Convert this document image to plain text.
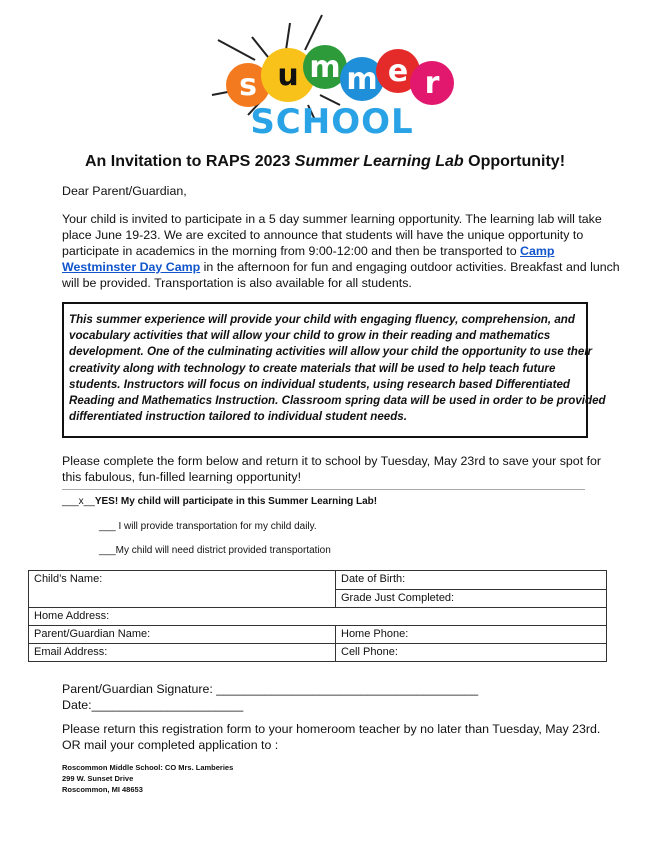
s u m m e r
SCHOOL
An Invitation to RAPS 2023 Summer Learning Lab Opportunity!
Dear Parent/Guardian,
Your child is invited to participate in a 5 day summer learning opportunity. The learning lab will take
place June 19-23. We are excited to announce that students will have the unique opportunity to
participate in academics in the morning from 9:00-12:00 and then be transported to Camp
Westminster Day Camp in the afternoon for fun and engaging outdoor activities. Breakfast and lunch
will be provided. Transportation is also available for all students.
This summer experience will provide your child with engaging fluency, comprehension, and
vocabulary activities that will allow your child to grow in their reading and mathematics
development. One of the culminating activities will allow your child the opportunity to use their
creativity along with technology to create materials that will be used to help teach future
students. Instructors will focus on individual students, using research based Differentiated
Reading and Mathematics Instruction. Classroom spring data will be used in order to be provided
differentiated instruction tailored to individual student needs.
Please complete the form below and return it to school by Tuesday, May 23rd to save your spot for
this fabulous, fun-filled learning opportunity!
___x__YES! My child will participate in this Summer Learning Lab!
___ I will provide transportation for my child daily.
___My child will need district provided transportation
Child’s Name:	Date of Birth:
	Grade Just Completed:
Home Address:	
Parent/Guardian Name:	Home Phone:
Email Address:	Cell Phone:
Parent/Guardian Signature: ______________________________________
Date:______________________
Please return this registration form to your homeroom teacher by no later than Tuesday, May 23rd.
OR mail your completed application to :
Roscommon Middle School: CO Mrs. Lamberies
299 W. Sunset Drive
Roscommon, MI 48653
